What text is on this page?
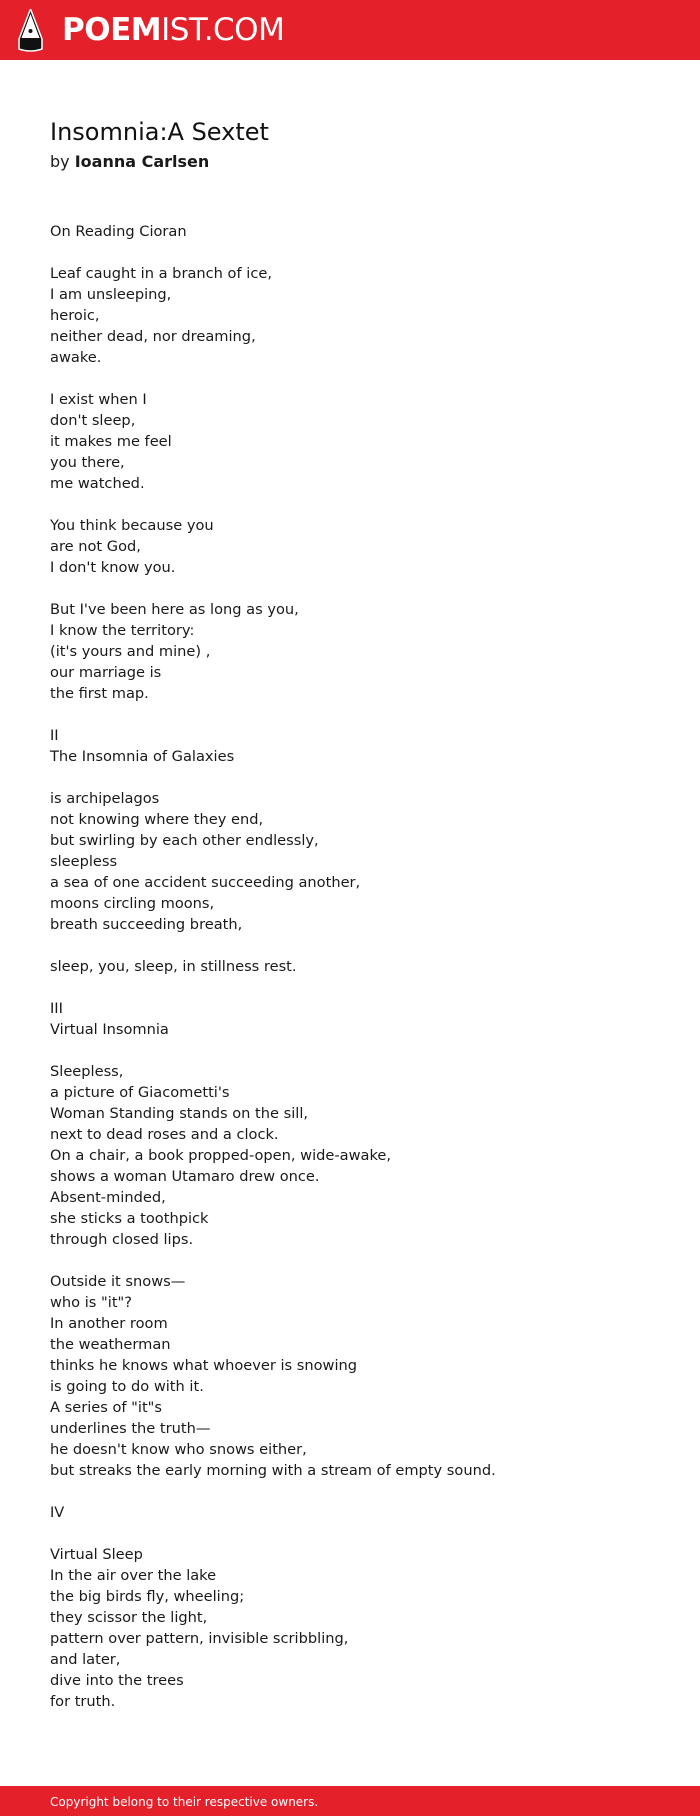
POEMIST.COM
Insomnia:A Sextet
by Ioanna Carlsen
On Reading Cioran
Leaf caught in a branch of ice,
I am unsleeping,
heroic,
neither dead, nor dreaming,
awake.
I exist when I
don't sleep,
it makes me feel
you there,
me watched.
You think because you
are not God,
I don't know you.
But I've been here as long as you,
I know the territory:
(it's yours and mine) ,
our marriage is
the first map.
II
The Insomnia of Galaxies
is archipelagos
not knowing where they end,
but swirling by each other endlessly,
sleepless
a sea of one accident succeeding another,
moons circling moons,
breath succeeding breath,
sleep, you, sleep, in stillness rest.
III
Virtual Insomnia
Sleepless,
a picture of Giacometti's
Woman Standing stands on the sill,
next to dead roses and a clock.
On a chair, a book propped-open, wide-awake,
shows a woman Utamaro drew once.
Absent-minded,
she sticks a toothpick
through closed lips.
Outside it snows—
who is "it"?
In another room
the weatherman
thinks he knows what whoever is snowing
is going to do with it.
A series of "it"s
underlines the truth—
he doesn't know who snows either,
but streaks the early morning with a stream of empty sound.
IV
Virtual Sleep
In the air over the lake
the big birds fly, wheeling;
they scissor the light,
pattern over pattern, invisible scribbling,
and later,
dive into the trees
for truth.
Copyright belong to their respective owners.
